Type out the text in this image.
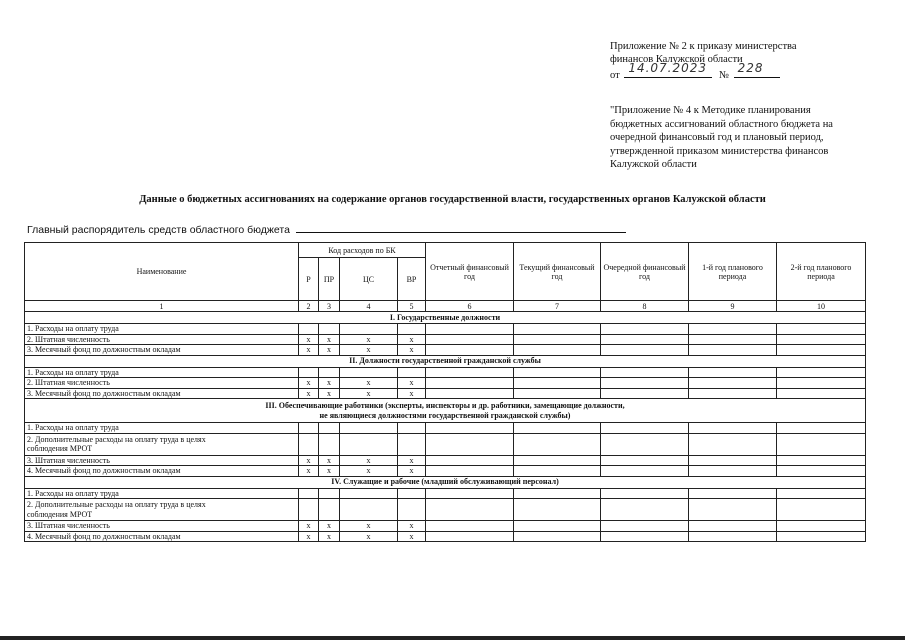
Приложение № 2 к приказу министерства
финансов Калужской области
от
14.07.2023
№
228
"Приложение № 4 к Методике планирования
бюджетных ассигнований областного бюджета на
очередной финансовый год и плановый период,
утвержденной приказом министерства финансов
Калужской области
Данные о бюджетных ассигнованиях на содержание органов государственной власти, государственных органов Калужской области
Главный распорядитель средств областного бюджета
Наименование	Код расходов по БК				Отчетный финансовый год	Текущий финансовый год	Очередной финансовый год	1-й год планового периода	2-й год планового периода
	Р	ПР	ЦС	ВР					
1	2	3	4	5	6	7	8	9	10

I. Государственные должности									

1. Расходы на оплату труда									

2. Штатная численность	x	x	x	x					

3. Месячный фонд по должностным окладам	x	x	x	x					

II. Должности государственной гражданской службы									

1. Расходы на оплату труда									

2. Штатная численность	x	x	x	x					

3. Месячный фонд по должностным окладам	x	x	x	x					

III. Обеспечивающие работники (эксперты, инспекторы и др. работники, замещающие должности,
не являющиеся должностями государственной гражданской службы)									

1. Расходы на оплату труда									

2. Дополнительные расходы на оплату труда в целях
соблюдения МРОТ									

3. Штатная численность	x	x	x	x					

4. Месячный фонд по должностным окладам	x	x	x	x					

IV. Служащие и рабочие (младший обслуживающий персонал)									

1. Расходы на оплату труда									

2. Дополнительные расходы на оплату труда в целях
соблюдения МРОТ									

3. Штатная численность	x	x	x	x					

4. Месячный фонд по должностным окладам	x	x	x	x					
